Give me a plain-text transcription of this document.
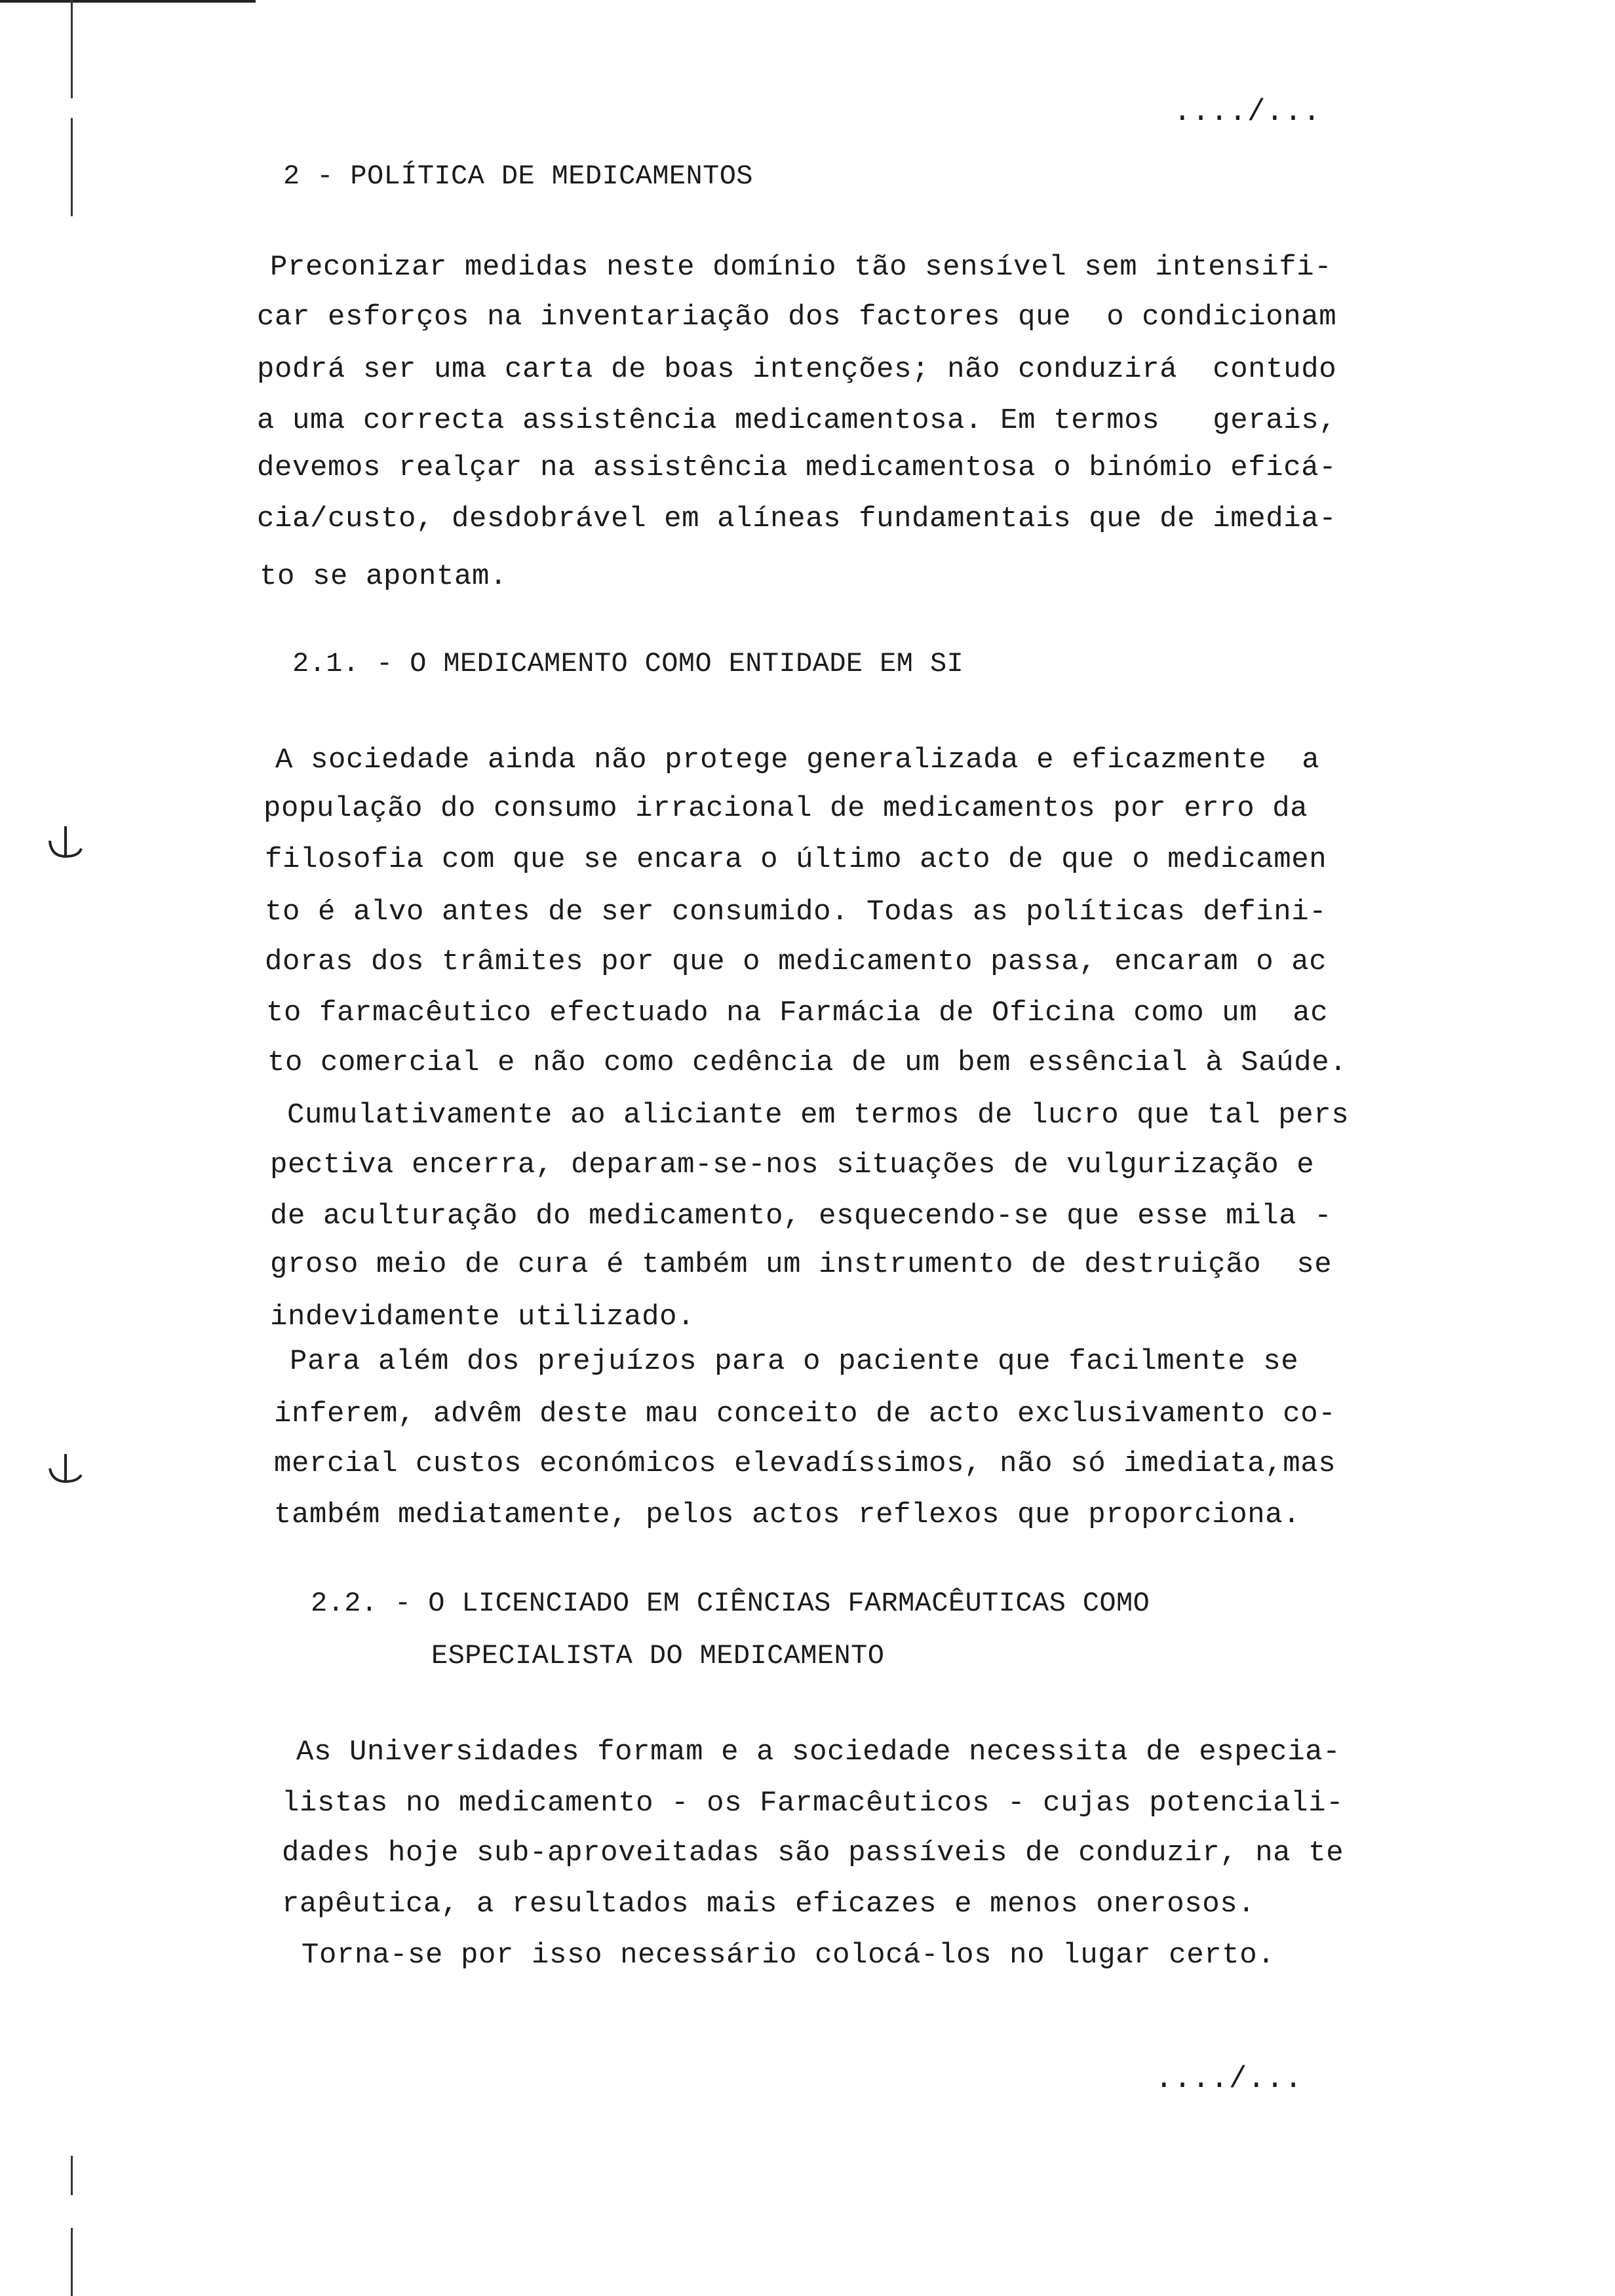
..../...
..../...
2 - POLÍTICA DE MEDICAMENTOS
Preconizar medidas neste domínio tão sensível sem intensifi-
car esforços na inventariação dos factores que  o condicionam
podrá ser uma carta de boas intenções; não conduzirá  contudo
a uma correcta assistência medicamentosa. Em termos   gerais,
devemos realçar na assistência medicamentosa o binómio eficá-
cia/custo, desdobrável em alíneas fundamentais que de imedia-
to se apontam.
2.1. - O MEDICAMENTO COMO ENTIDADE EM SI
A sociedade ainda não protege generalizada e eficazmente  a
população do consumo irracional de medicamentos por erro da
filosofia com que se encara o último acto de que o medicamen
to é alvo antes de ser consumido. Todas as políticas defini-
doras dos trâmites por que o medicamento passa, encaram o ac
to farmacêutico efectuado na Farmácia de Oficina como um  ac
to comercial e não como cedência de um bem essêncial à Saúde.
Cumulativamente ao aliciante em termos de lucro que tal pers
pectiva encerra, deparam-se-nos situações de vulgurização e
de aculturação do medicamento, esquecendo-se que esse mila -
groso meio de cura é também um instrumento de destruição  se
indevidamente utilizado.
Para além dos prejuízos para o paciente que facilmente se
inferem, advêm deste mau conceito de acto exclusivamento co-
mercial custos económicos elevadíssimos, não só imediata,mas
também mediatamente, pelos actos reflexos que proporciona.
2.2. - O LICENCIADO EM CIÊNCIAS FARMACÊUTICAS COMO
ESPECIALISTA DO MEDICAMENTO
As Universidades formam e a sociedade necessita de especia-
listas no medicamento - os Farmacêuticos - cujas potenciali-
dades hoje sub-aproveitadas são passíveis de conduzir, na te
rapêutica, a resultados mais eficazes e menos onerosos.
Torna-se por isso necessário colocá-los no lugar certo.
